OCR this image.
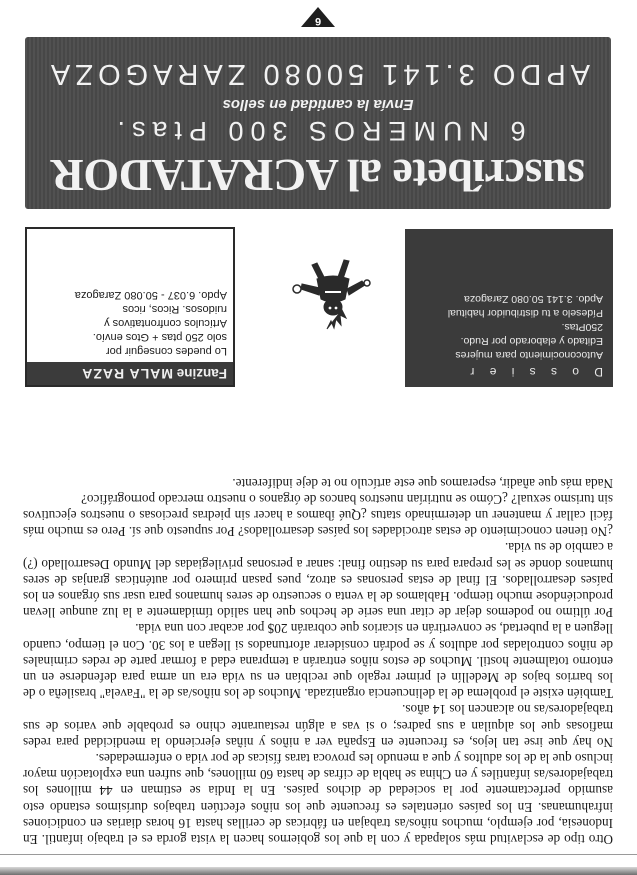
Otro tipo de esclavitud más solapada y con la que los gobiernos hacen la vista gorda es el trabajo infantil. En Indonesia, por ejemplo, muchos niños/as trabajan en fábricas de cerillas hasta 16 horas diarias en condiciones infrahumanas. En los países orientales es frecuente que los niños efectúen trabajos durísimos estando esto asumido perfectamente por la sociedad de dichos países. En la India se estiman en 44 millones los trabajadores/as infantiles y en China se habla de cifras de hasta 60 millones, que sufren una explotación mayor incluso que la de los adultos y que a menudo les provoca taras físicas de por vida o enfermedades.

No hay que irse tan lejos, es frecuente en España ver a niños y niñas ejerciendo la mendicidad para redes mafiosas que los alquilan a sus padres; o si vas a algún restaurante chino es probable que varios de sus trabajadores/as no alcancen los 14 años.

También existe el problema de la delincuencia organizada. Muchos de los niños/as de la "Favela" brasileña o de los barrios bajos de Medellín el primer regalo que recibían en su vida era un arma para defenderse en un entorno totalmente hostil. Muchos de estos niños entrarán a temprana edad a formar parte de redes criminales de niños controladas por adultos y se podrán considerar afortunados si llegan a los 30. Con el tiempo, cuando lleguen a la pubertad, se convertirán en sicarios que cobrarán 20$ por acabar con una vida.

Por último no podemos dejar de citar una serie de hechos que han salido tímidamente a la luz aunque llevan produciéndose mucho tiempo. Hablamos de la venta o secuestro de seres humanos para usar sus órganos en los países desarrollados. El final de estas personas es atroz, pues pasan primero por auténticas granjas de seres humanos donde se les prepara para su destino final: sanar a personas privilegiadas del Mundo Desarrollado (?) a cambio de su vida.

¿No tienen conocimiento de estas atrocidades los países desarrollados? Por supuesto que sí. Pero es mucho más fácil callar y mantener un determinado status ¿Qué íbamos a hacer sin piedras preciosas o nuestros ejecutivos sin turismo sexual? ¿Cómo se nutrirían nuestros bancos de órganos o nuestro mercado pornográfico?

Nada más que añadir, esperamos que este artículo no te deje indiferente.

D o s s i e r
Autoconocimiento para mujeres
Editado y elaborado por Rudo.
250Ptas.
Pídeselo a tu distribuidor habitual
Apdo. 3.141 50.080 Zaragoza
Fanzine MALA RAZA
Lo puedes conseguir por
solo 250 ptas + Gtos envío.
Artículos confrontativos y
ruidosos. Ricos, ricos
Apdo. 6.037 - 50.080 Zaragoza
suscríbete al ACRATADOR
6 NUMEROS 300 Ptas.
Envía la cantidad en sellos
APDO 3.141 50080 ZARAGOZA
6
